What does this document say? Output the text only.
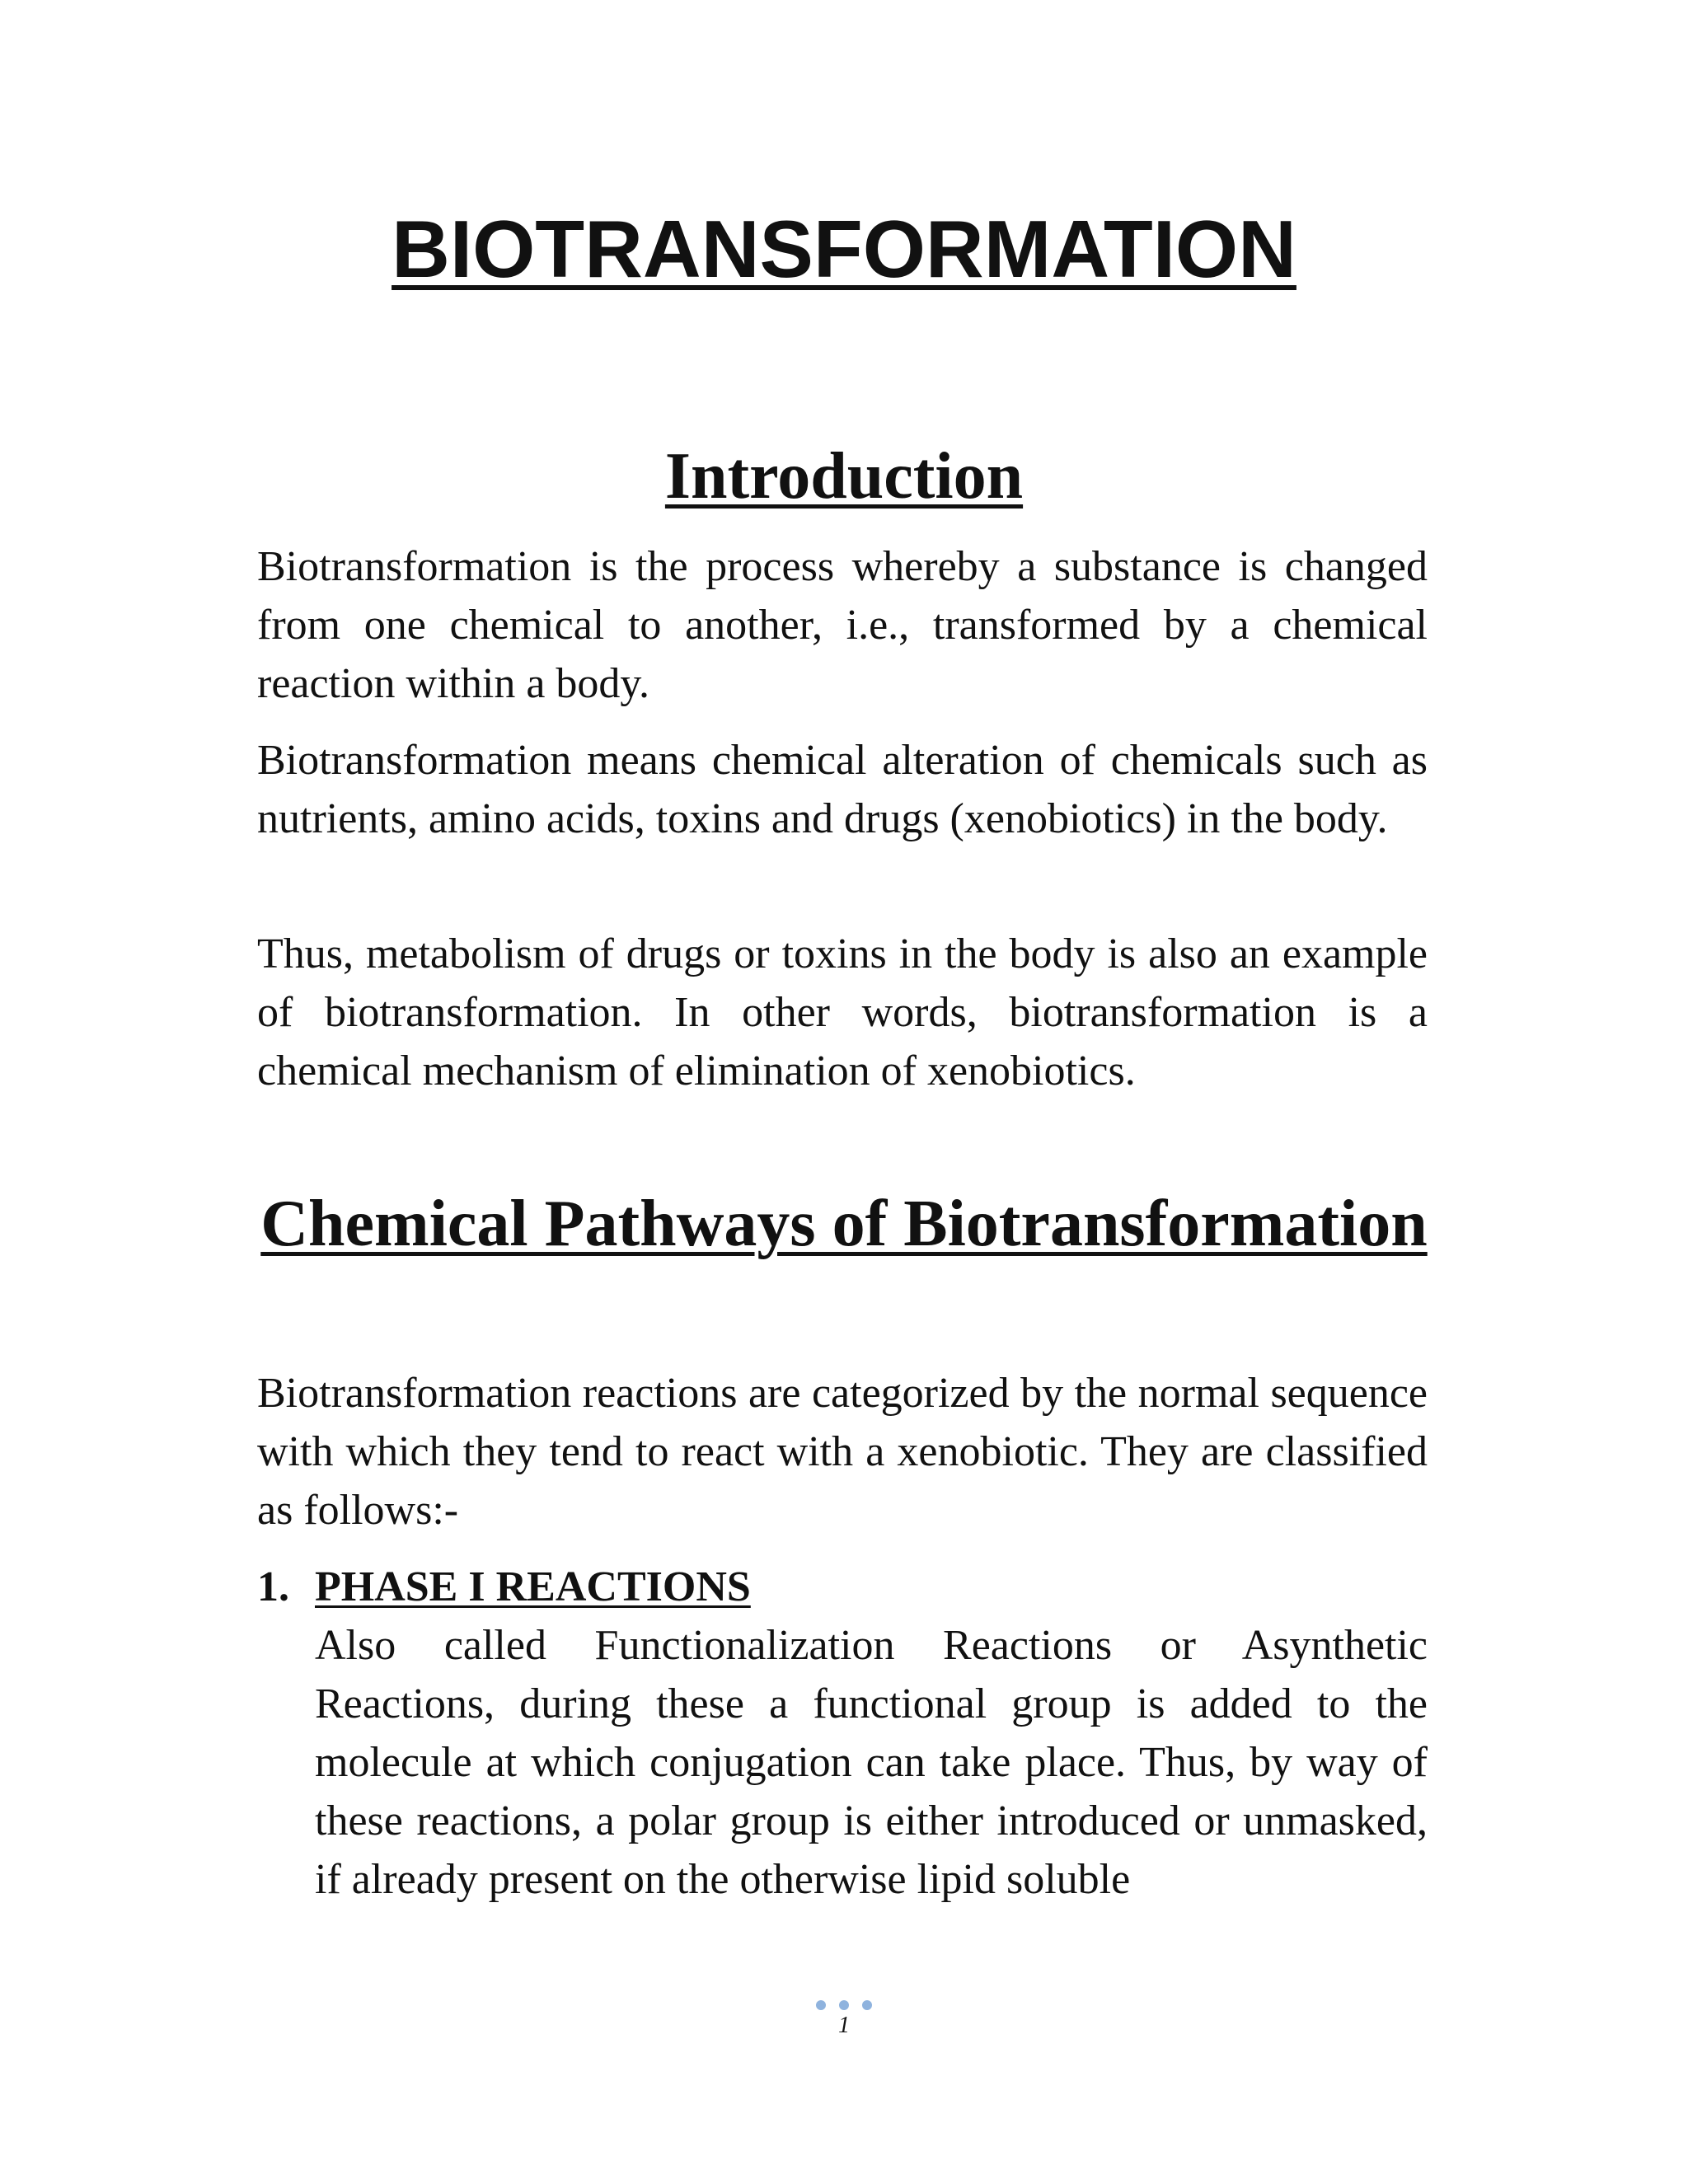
BIOTRANSFORMATION
Introduction

Biotransformation is the process whereby a substance is changed from one chemical to another, i.e., transformed by a chemical reaction within a body.

Biotransformation means chemical alteration of chemicals such as nutrients, amino acids, toxins and drugs (xenobiotics) in the body.

Thus, metabolism of drugs or toxins in the body is also an example of biotransformation. In other words, biotransformation is a chemical mechanism of elimination of xenobiotics.

Chemical Pathways of Biotransformation

Biotransformation reactions are categorized by the normal sequence with which they tend to react with a xenobiotic. They are classified as follows:-

1. PHASE I REACTIONS
Also called Functionalization Reactions or Asynthetic Reactions, during these a functional group is added to the molecule at which conjugation can take place. Thus, by way of these reactions, a polar group is either introduced or unmasked, if already present on the otherwise lipid soluble
1
